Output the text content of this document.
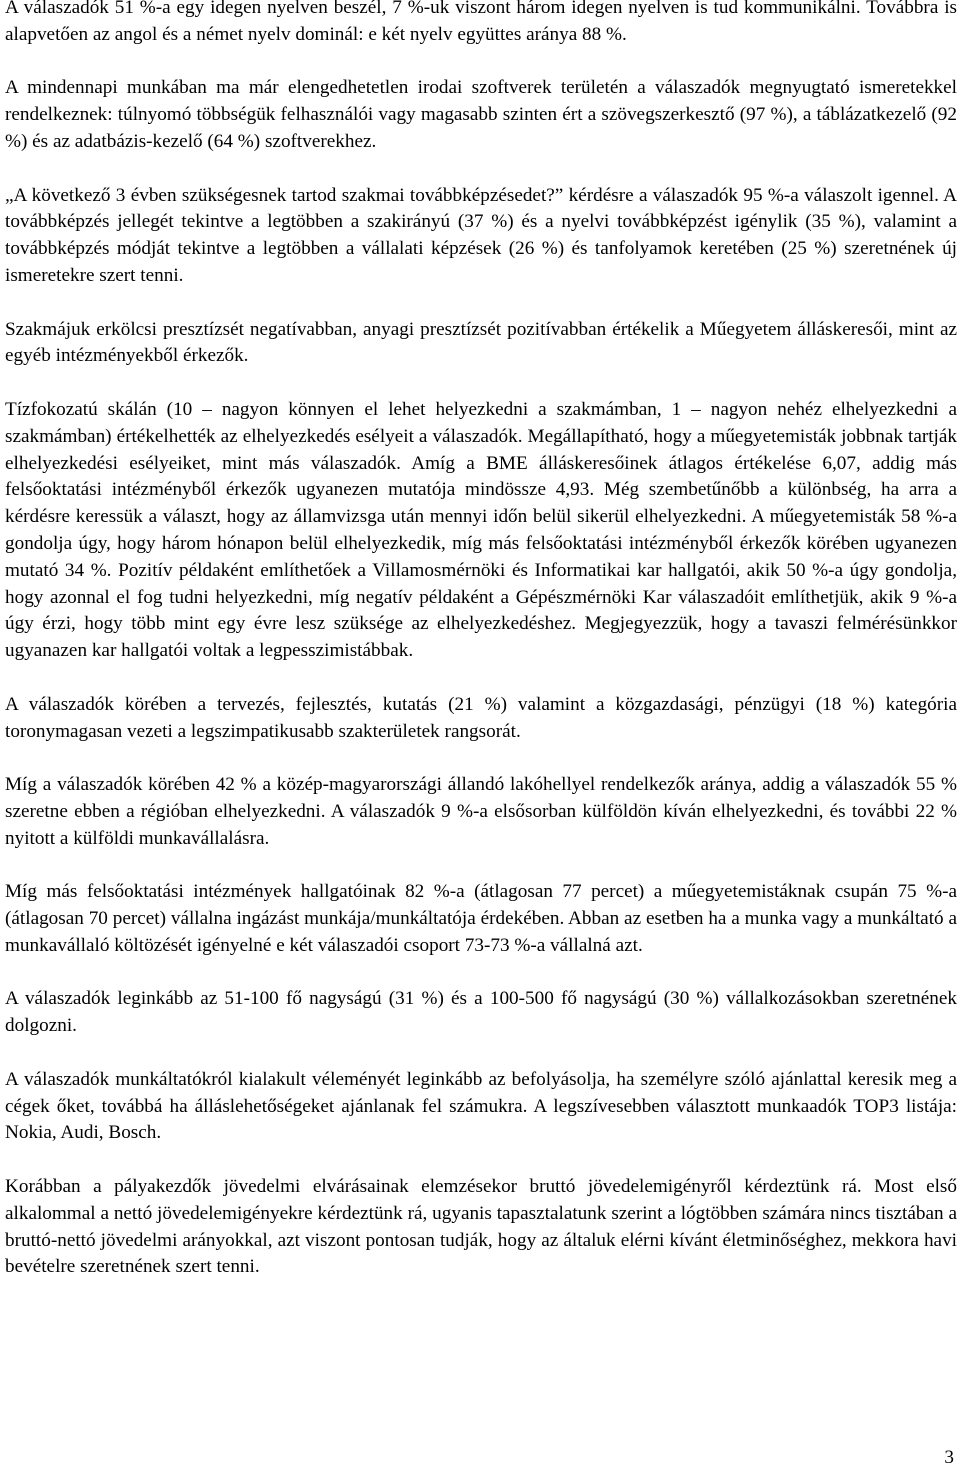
A válaszadók 51 %-a egy idegen nyelven beszél, 7 %-uk viszont három idegen nyelven is tud kommunikálni. Továbbra is alapvetően az angol és a német nyelv dominál: e két nyelv együttes aránya 88 %.

A mindennapi munkában ma már elengedhetetlen irodai szoftverek területén a válaszadók megnyugtató ismeretekkel rendelkeznek: túlnyomó többségük felhasználói vagy magasabb szinten ért a szövegszerkesztő (97 %), a táblázatkezelő (92 %) és az adatbázis-kezelő (64 %) szoftverekhez.

„A következő 3 évben szükségesnek tartod szakmai továbbképzésedet?” kérdésre a válaszadók 95 %-a válaszolt igennel. A továbbképzés jellegét tekintve a legtöbben a szakirányú (37 %) és a nyelvi továbbképzést igénylik (35 %), valamint a továbbképzés módját tekintve a legtöbben a vállalati képzések (26 %) és tanfolyamok keretében (25 %) szeretnének új ismeretekre szert tenni.

Szakmájuk erkölcsi presztízsét negatívabban, anyagi presztízsét pozitívabban értékelik a Műegyetem álláskeresői, mint az egyéb intézményekből érkezők.

Tízfokozatú skálán (10 – nagyon könnyen el lehet helyezkedni a szakmámban, 1 – nagyon nehéz elhelyezkedni a szakmámban) értékelhették az elhelyezkedés esélyeit a válaszadók. Megállapítható, hogy a műegyetemisták jobbnak tartják elhelyezkedési esélyeiket, mint más válaszadók. Amíg a BME álláskeresőinek átlagos értékelése 6,07, addig más felsőoktatási intézményből érkezők ugyanezen mutatója mindössze 4,93. Még szembetűnőbb a különbség, ha arra a kérdésre keressük a választ, hogy az államvizsga után mennyi időn belül sikerül elhelyezkedni. A műegyetemisták 58 %-a gondolja úgy, hogy három hónapon belül elhelyezkedik, míg más felsőoktatási intézményből érkezők körében ugyanezen mutató 34 %. Pozitív példaként említhetőek a Villamosmérnöki és Informatikai kar hallgatói, akik 50 %-a úgy gondolja, hogy azonnal el fog tudni helyezkedni, míg negatív példaként a Gépészmérnöki Kar válaszadóit említhetjük, akik 9 %-a úgy érzi, hogy több mint egy évre lesz szüksége az elhelyezkedéshez. Megjegyezzük, hogy a tavaszi felmérésünkkor ugyanazen kar hallgatói voltak a legpesszimistábbak.

A válaszadók körében a tervezés, fejlesztés, kutatás (21 %) valamint a közgazdasági, pénzügyi (18 %) kategória toronymagasan vezeti a legszimpatikusabb szakterületek rangsorát.

Míg a válaszadók körében 42 % a közép-magyarországi állandó lakóhellyel rendelkezők aránya, addig a válaszadók 55 % szeretne ebben a régióban elhelyezkedni. A válaszadók 9 %-a elsősorban külföldön kíván elhelyezkedni, és további 22 % nyitott a külföldi munkavállalásra.

Míg más felsőoktatási intézmények hallgatóinak 82 %-a (átlagosan 77 percet) a műegyetemistáknak csupán 75 %-a (átlagosan 70 percet) vállalna ingázást munkája/munkáltatója érdekében. Abban az esetben ha a munka vagy a munkáltató a munkavállaló költözését igényelné e két válaszadói csoport 73-73 %-a vállalná azt.

A válaszadók leginkább az 51-100 fő nagyságú (31 %) és a 100-500 fő nagyságú (30 %) vállalkozásokban szeretnének dolgozni.

A válaszadók munkáltatókról kialakult véleményét leginkább az befolyásolja, ha személyre szóló ajánlattal keresik meg a cégek őket, továbbá ha álláslehetőségeket ajánlanak fel számukra. A legszívesebben választott munkaadók TOP3 listája: Nokia, Audi, Bosch.

Korábban a pályakezdők jövedelmi elvárásainak elemzésekor bruttó jövedelemigényről kérdeztünk rá. Most első alkalommal a nettó jövedelemigényekre kérdeztünk rá, ugyanis tapasztalatunk szerint a lógtöbben számára nincs tisztában a bruttó-nettó jövedelmi arányokkal, azt viszont pontosan tudják, hogy az általuk elérni kívánt életminőséghez, mekkora havi bevételre szeretnének szert tenni.

3
